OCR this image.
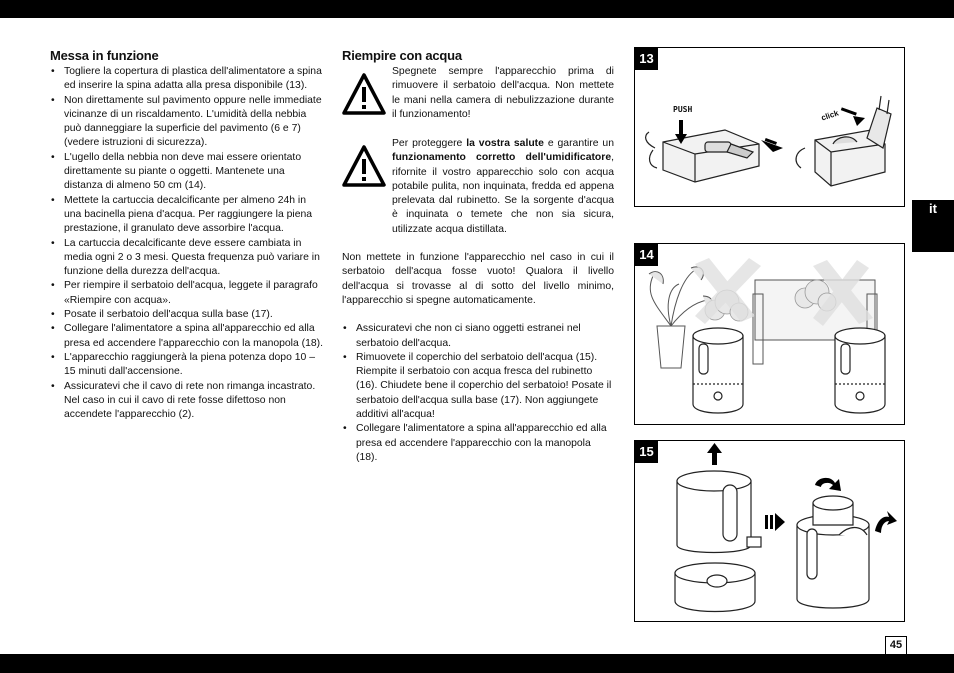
it
45
Messa in funzione
• Togliere la copertura di plastica dell'alimentatore a spina ed inserire la spina adatta alla presa disponibile (13).
• Non direttamente sul pavimento oppure nelle immediate vicinanze di un riscaldamento. L'umidità della nebbia può danneggiare la superficie del pavimento (6 e 7) (vedere istruzioni di sicurezza).
• L'ugello della nebbia non deve mai essere orientato direttamente su piante o oggetti. Mantenete una distanza di almeno 50 cm (14).
• Mettete la cartuccia decalcificante per almeno 24h in una bacinella piena d'acqua. Per raggiungere la piena prestazione, il granulato deve assorbire l'acqua.
• La cartuccia decalcificante deve essere cambiata in media ogni 2 o 3 mesi. Questa frequenza può variare in funzione della durezza dell'acqua.
• Per riempire il serbatoio dell'acqua, leggete il paragrafo «Riempire con acqua».
• Posate il serbatoio dell'acqua sulla base (17).
• Collegare l'alimentatore a spina all'apparecchio ed alla presa ed accendere l'apparecchio con la manopola (18).
• L'apparecchio raggiungerà la piena potenza dopo 10 – 15 minuti dall'accensione.
• Assicuratevi che il cavo di rete non rimanga incastrato. Nel caso in cui il cavo di rete fosse difettoso non accendete l'apparecchio (2).
Riempire con acqua
Spegnete sempre l'apparecchio prima di rimuovere il serbatoio dell'acqua. Non mettete le mani nella camera di nebulizzazione durante il funzionamento!
Per proteggere la vostra salute e garantire un funzionamento corretto dell'umidificatore, rifornite il vostro apparecchio solo con acqua potabile pulita, non inquinata, fredda ed appena prelevata dal rubinetto. Se la sorgente d'acqua è inquinata o temete che non sia sicura, utilizzate acqua distillata.
Non mettete in funzione l'apparecchio nel caso in cui il serbatoio dell'acqua fosse vuoto! Qualora il livello dell'acqua si trovasse al di sotto del livello minimo, l'apparecchio si spegne automaticamente.
• Assicuratevi che non ci siano oggetti estranei nel serbatoio dell'acqua.
• Rimuovete il coperchio del serbatoio dell'acqua (15). Riempite il serbatoio con acqua fresca del rubinetto (16). Chiudete bene il coperchio del serbatoio! Posate il serbatoio dell'acqua sulla base (17). Non aggiungete additivi all'acqua!
• Collegare l'alimentatore a spina all'apparecchio ed alla presa ed accendere l'apparecchio con la manopola (18).
13
PUSH	click
14
15
